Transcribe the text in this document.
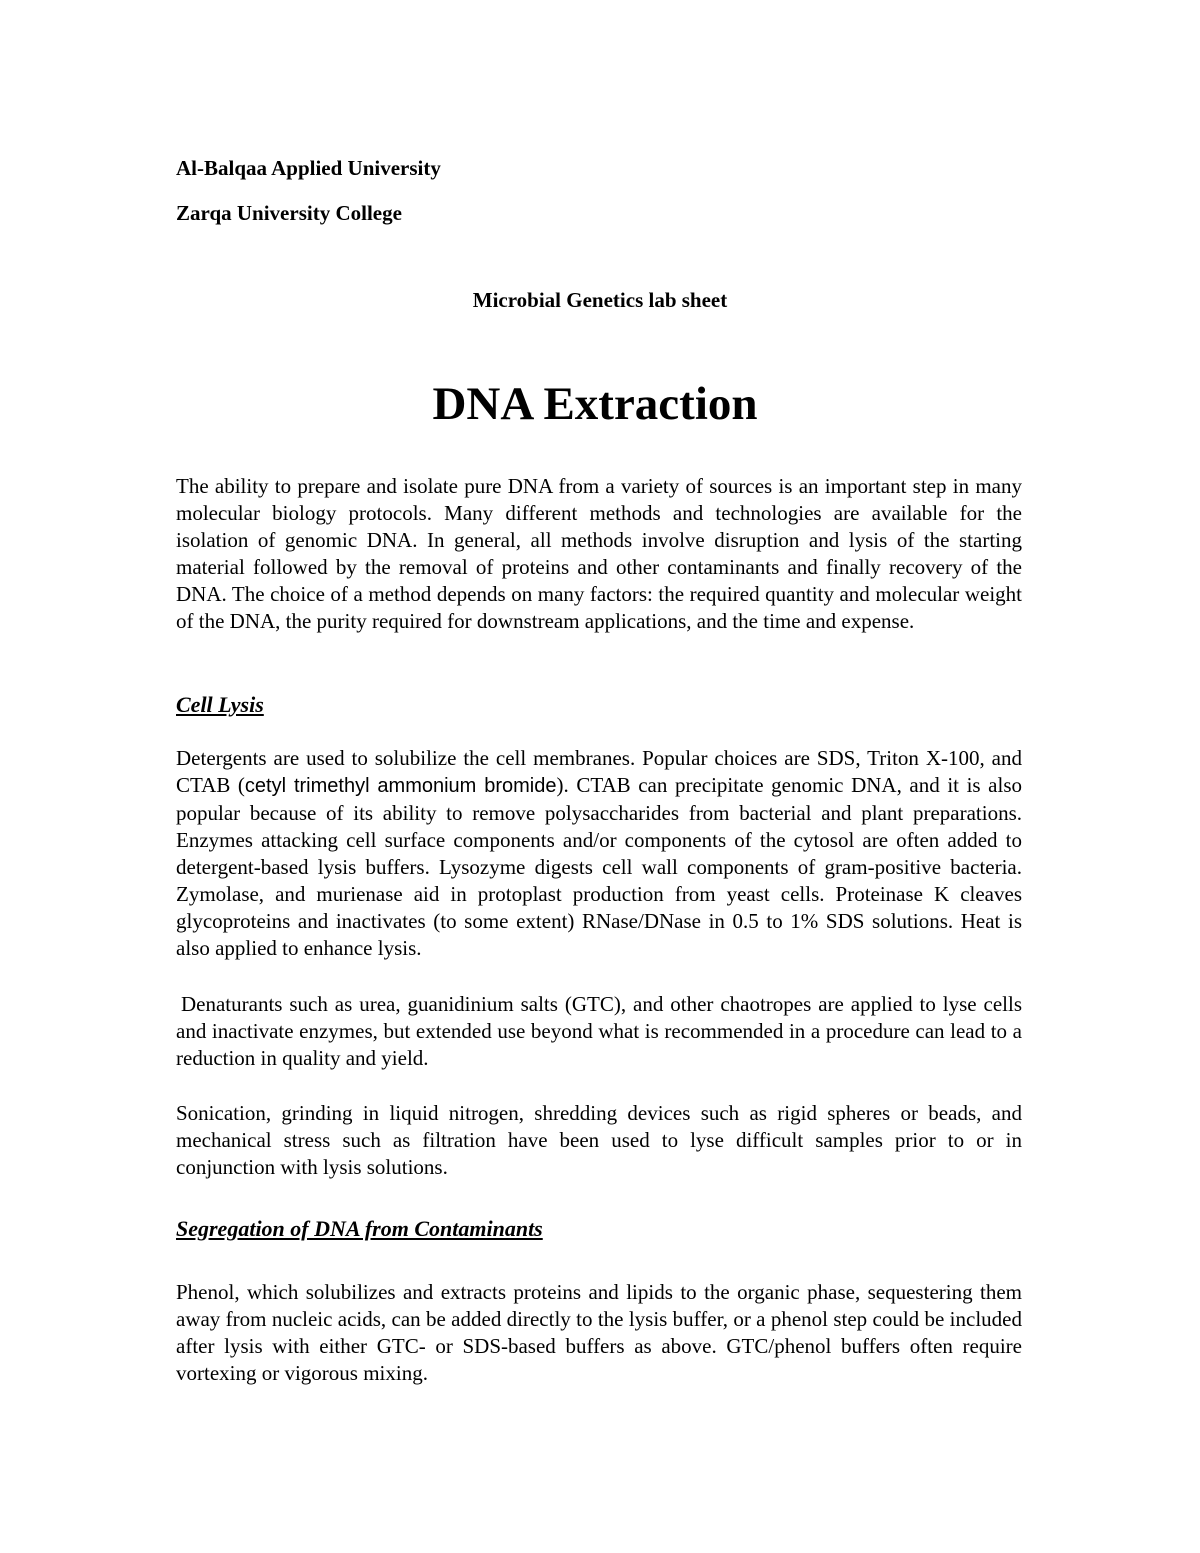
Al-Balqaa Applied University

Zarqa University College

Microbial Genetics lab sheet

DNA Extraction

The ability to prepare and isolate pure DNA from a variety of sources is an important step in many molecular biology protocols. Many different methods and technologies are available for the isolation of genomic DNA. In general, all methods involve disruption and lysis of the starting material followed by the removal of proteins and other contaminants and finally recovery of the DNA. The choice of a method depends on many factors: the required quantity and molecular weight of the DNA, the purity required for downstream applications, and the time and expense.

Cell Lysis

Detergents are used to solubilize the cell membranes. Popular choices are SDS, Triton X-100, and CTAB (cetyl trimethyl ammonium bromide). CTAB can precipitate genomic DNA, and it is also popular because of its ability to remove polysaccharides from bacterial and plant preparations. Enzymes attacking cell surface components and/or components of the cytosol are often added to detergent-based lysis buffers. Lysozyme digests cell wall components of gram-positive bacteria. Zymolase, and murienase aid in protoplast production from yeast cells. Proteinase K cleaves glycoproteins and inactivates (to some extent) RNase/DNase in 0.5 to 1% SDS solutions. Heat is also applied to enhance lysis.

Denaturants such as urea, guanidinium salts (GTC), and other chaotropes are applied to lyse cells and inactivate enzymes, but extended use beyond what is recommended in a procedure can lead to a reduction in quality and yield.

Sonication, grinding in liquid nitrogen, shredding devices such as rigid spheres or beads, and mechanical stress such as filtration have been used to lyse difficult samples prior to or in conjunction with lysis solutions.

Segregation of DNA from Contaminants

Phenol, which solubilizes and extracts proteins and lipids to the organic phase, sequestering them away from nucleic acids, can be added directly to the lysis buffer, or a phenol step could be included after lysis with either GTC- or SDS-based buffers as above. GTC/phenol buffers often require vortexing or vigorous mixing.
